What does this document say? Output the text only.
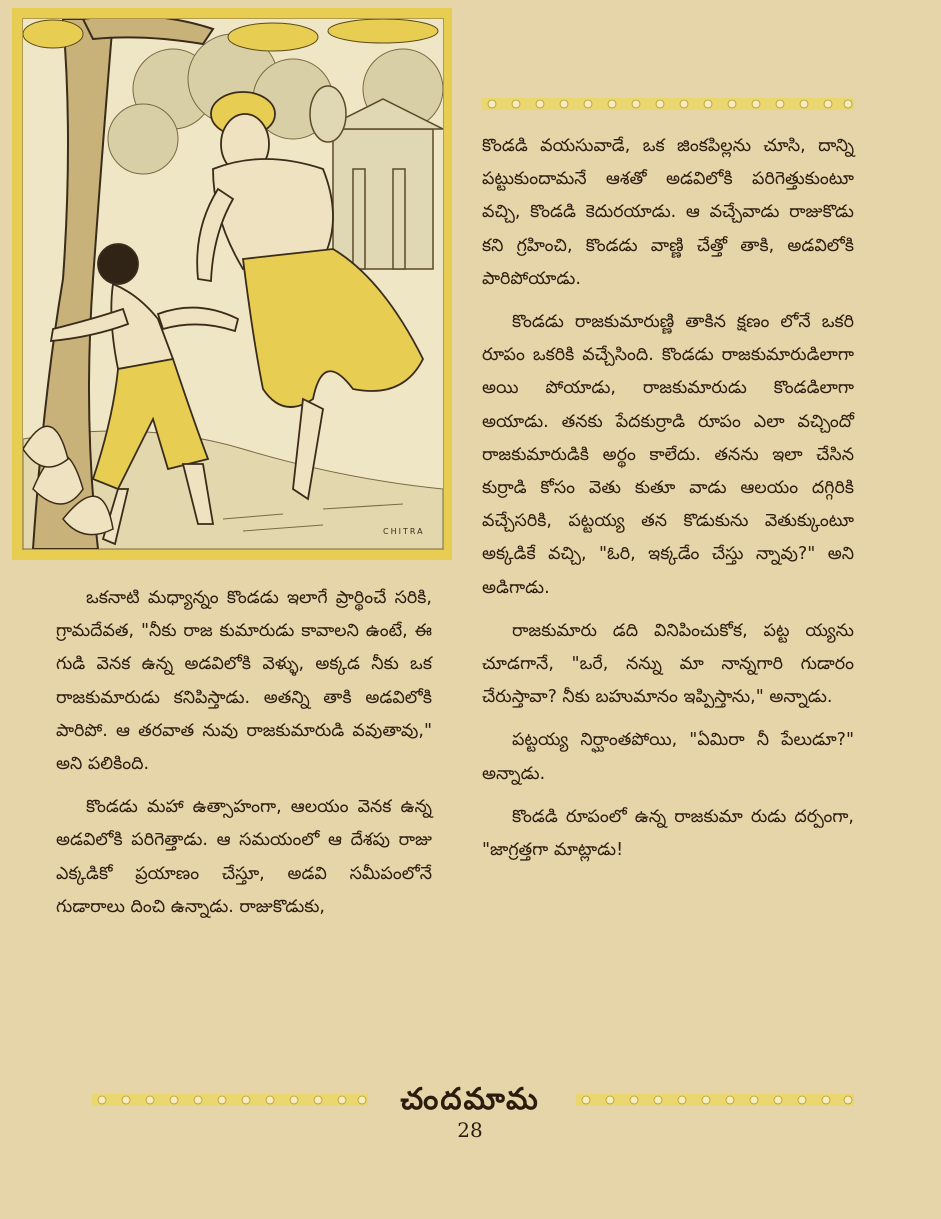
CHITRA

కొండడి వయసువాడే, ఒక జింకపిల్లను చూసి, దాన్ని పట్టుకుందామనే ఆశతో అడవిలోకి పరిగెత్తుకుంటూ వచ్చి, కొండడి కెదురయాడు. ఆ వచ్చేవాడు రాజుకొడు కని గ్రహించి, కొండడు వాణ్ణి చేత్తో తాకి, అడవిలోకి పారిపోయాడు.

కొండడు రాజకుమారుణ్ణి తాకిన క్షణం లోనే ఒకరి రూపం ఒకరికి వచ్చేసింది. కొండడు రాజకుమారుడిలాగా అయి పోయాడు, రాజకుమారుడు కొండడిలాగా అయాడు. తనకు పేదకుర్రాడి రూపం ఎలా వచ్చిందో రాజకుమారుడికి అర్థం కాలేదు. తనను ఇలా చేసిన కుర్రాడి కోసం వెతు కుతూ వాడు ఆలయం దగ్గిరికి వచ్చేసరికి, పట్టయ్య తన కొడుకును వెతుక్కుంటూ అక్కడికే వచ్చి, "ఓరి, ఇక్కడేం చేస్తు న్నావు?" అని అడిగాడు.

రాజకుమారు డది వినిపించుకోక, పట్ట య్యను చూడగానే, "ఒరే, నన్ను మా నాన్నగారి గుడారం చేరుస్తావా? నీకు బహుమానం ఇప్పిస్తాను," అన్నాడు.

పట్టయ్య నిర్ఘాంతపోయి, "ఏమిరా నీ పేలుడూ?" అన్నాడు.

కొండడి రూపంలో ఉన్న రాజకుమా రుడు దర్పంగా, "జాగ్రత్తగా మాట్లాడు!

ఒకనాటి మధ్యాన్నం కొండడు ఇలాగే ప్రార్థించే సరికి, గ్రామదేవత, "నీకు రాజ కుమారుడు కావాలని ఉంటే, ఈ గుడి వెనక ఉన్న అడవిలోకి వెళ్ళు, అక్కడ నీకు ఒక రాజకుమారుడు కనిపిస్తాడు. అతన్ని తాకి అడవిలోకి పారిపో. ఆ తరవాత నువు రాజకుమారుడి వవుతావు," అని పలికింది.

కొండడు మహా ఉత్సాహంగా, ఆలయం వెనక ఉన్న అడవిలోకి పరిగెత్తాడు. ఆ సమయంలో ఆ దేశపు రాజు ఎక్కడికో ప్రయాణం చేస్తూ, అడవి సమీపంలోనే గుడారాలు దించి ఉన్నాడు. రాజుకొడుకు,

చందమామ
28
